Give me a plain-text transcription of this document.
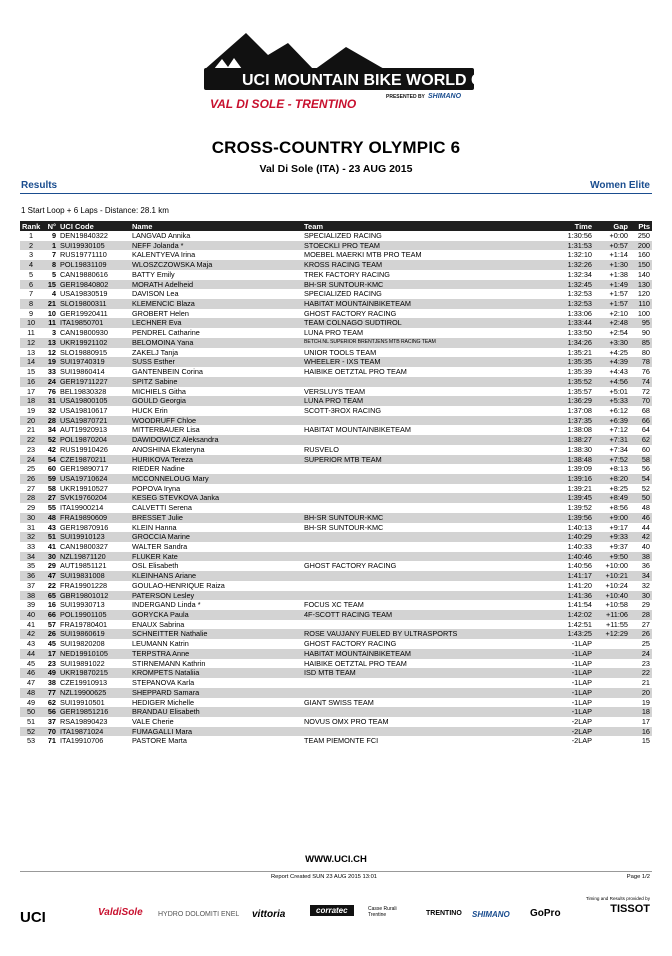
UCI MOUNTAIN BIKE WORLD CUP
PRESENTED BY SHIMANO
VAL DI SOLE - TRENTINO
CROSS-COUNTRY OLYMPIC 6
Val Di Sole (ITA) - 23 AUG 2015
Results	Women Elite
1 Start Loop + 6 Laps - Distance: 28.1 km
Rank	N°	UCI Code	Name	Team	Time	Gap	Pts
1	9	DEN19840322	LANGVAD Annika	SPECIALIZED RACING	1:30:56	+0:00	250
2	1	SUI19930105	NEFF Jolanda *	STOECKLI PRO TEAM	1:31:53	+0:57	200
3	7	RUS19771110	KALENTYEVA Irina	MOEBEL MAERKI MTB PRO TEAM	1:32:10	+1:14	160
4	8	POL19831109	WLOSZCZOWSKA Maja	KROSS RACING TEAM	1:32:26	+1:30	150
5	5	CAN19880616	BATTY Emily	TREK FACTORY RACING	1:32:34	+1:38	140
6	15	GER19840802	MORATH Adelheid	BH-SR SUNTOUR-KMC	1:32:45	+1:49	130
7	4	USA19830519	DAVISON Lea	SPECIALIZED RACING	1:32:53	+1:57	120
8	21	SLO19800311	KLEMENCIC Blaza	HABITAT MOUNTAINBIKETEAM	1:32:53	+1:57	110
9	10	GER19920411	GROBERT Helen	GHOST FACTORY RACING	1:33:06	+2:10	100
10	11	ITA19850701	LECHNER Eva	TEAM COLNAGO SUDTIROL	1:33:44	+2:48	95
11	3	CAN19800930	PENDREL Catharine	LUNA PRO TEAM	1:33:50	+2:54	90
12	13	UKR19921102	BELOMOINA Yana	BETCH.NL SUPERIOR BRENTJENS MTB RACING TEAM	1:34:26	+3:30	85
13	12	SLO19880915	ZAKELJ Tanja	UNIOR TOOLS TEAM	1:35:21	+4:25	80
14	19	SUI19740319	SUSS Esther	WHEELER - IXS TEAM	1:35:35	+4:39	78
15	33	SUI19860414	GANTENBEIN Corina	HAIBIKE OETZTAL PRO TEAM	1:35:39	+4:43	76
16	24	GER19711227	SPITZ Sabine		1:35:52	+4:56	74
17	76	BEL19830328	MICHIELS Githa	VERSLUYS TEAM	1:35:57	+5:01	72
18	31	USA19800105	GOULD Georgia	LUNA PRO TEAM	1:36:29	+5:33	70
19	32	USA19810617	HUCK Erin	SCOTT-3ROX RACING	1:37:08	+6:12	68
20	28	USA19870721	WOODRUFF Chloe		1:37:35	+6:39	66
21	34	AUT19920913	MITTERBAUER Lisa	HABITAT MOUNTAINBIKETEAM	1:38:08	+7:12	64
22	52	POL19870204	DAWIDOWICZ Aleksandra		1:38:27	+7:31	62
23	42	RUS19910426	ANOSHINA Ekateryna	RUSVELO	1:38:30	+7:34	60
24	54	CZE19870211	HURIKOVA Tereza	SUPERIOR MTB TEAM	1:38:48	+7:52	58
25	60	GER19890717	RIEDER Nadine		1:39:09	+8:13	56
26	59	USA19710624	MCCONNELOUG Mary		1:39:16	+8:20	54
27	58	UKR19910527	POPOVA Iryna		1:39:21	+8:25	52
28	27	SVK19760204	KESEG STEVKOVA Janka		1:39:45	+8:49	50
29	55	ITA19900214	CALVETTI Serena		1:39:52	+8:56	48
30	48	FRA19890609	BRESSET Julie	BH-SR SUNTOUR-KMC	1:39:56	+9:00	46
31	43	GER19870916	KLEIN Hanna	BH-SR SUNTOUR-KMC	1:40:13	+9:17	44
32	51	SUI19910123	GROCCIA Marine		1:40:29	+9:33	42
33	41	CAN19800327	WALTER Sandra		1:40:33	+9:37	40
34	30	NZL19871120	FLUKER Kate		1:40:46	+9:50	38
35	29	AUT19851121	OSL Elisabeth	GHOST FACTORY RACING	1:40:56	+10:00	36
36	47	SUI19831008	KLEINHANS Ariane		1:41:17	+10:21	34
37	22	FRA19901228	GOULAO-HENRIQUE Raiza		1:41:20	+10:24	32
38	65	GBR19801012	PATERSON Lesley		1:41:36	+10:40	30
39	16	SUI19930713	INDERGAND Linda *	FOCUS XC TEAM	1:41:54	+10:58	29
40	66	POL19901105	GORYCKA Paula	4F-SCOTT RACING TEAM	1:42:02	+11:06	28
41	57	FRA19780401	ENAUX Sabrina		1:42:51	+11:55	27
42	26	SUI19860619	SCHNEITTER Nathalie	ROSE VAUJANY FUELED BY ULTRASPORTS	1:43:25	+12:29	26
43	45	SUI19820208	LEUMANN Katrin	GHOST FACTORY RACING	-1LAP		25
44	17	NED19910105	TERPSTRA Anne	HABITAT MOUNTAINBIKETEAM	-1LAP		24
45	23	SUI19891022	STIRNEMANN Kathrin	HAIBIKE OETZTAL PRO TEAM	-1LAP		23
46	49	UKR19870215	KROMPETS Nataliia	ISD MTB TEAM	-1LAP		22
47	38	CZE19910913	STEPANOVA Karla		-1LAP		21
48	77	NZL19900625	SHEPPARD Samara		-1LAP		20
49	62	SUI19910501	HEDIGER Michelle	GIANT SWISS TEAM	-1LAP		19
50	56	GER19851216	BRANDAU Elisabeth		-1LAP		18
51	37	RSA19890423	VALE Cherie	NOVUS OMX PRO TEAM	-2LAP		17
52	70	ITA19871024	FUMAGALLI Mara		-2LAP		16
53	71	ITA19910706	PASTORE Marta	TEAM PIEMONTE FCI	-2LAP		15
WWW.UCI.CH
Report Created SUN 23 AUG 2015 13:01	Page 1/2
Timing and Results provided by
TISSOT
UCI	ValdiSole HYDRO DOLOMITI ENEL vittoria	corratec	Casse Rurali Trentine	TRENTINO SHIMANO GoPro
